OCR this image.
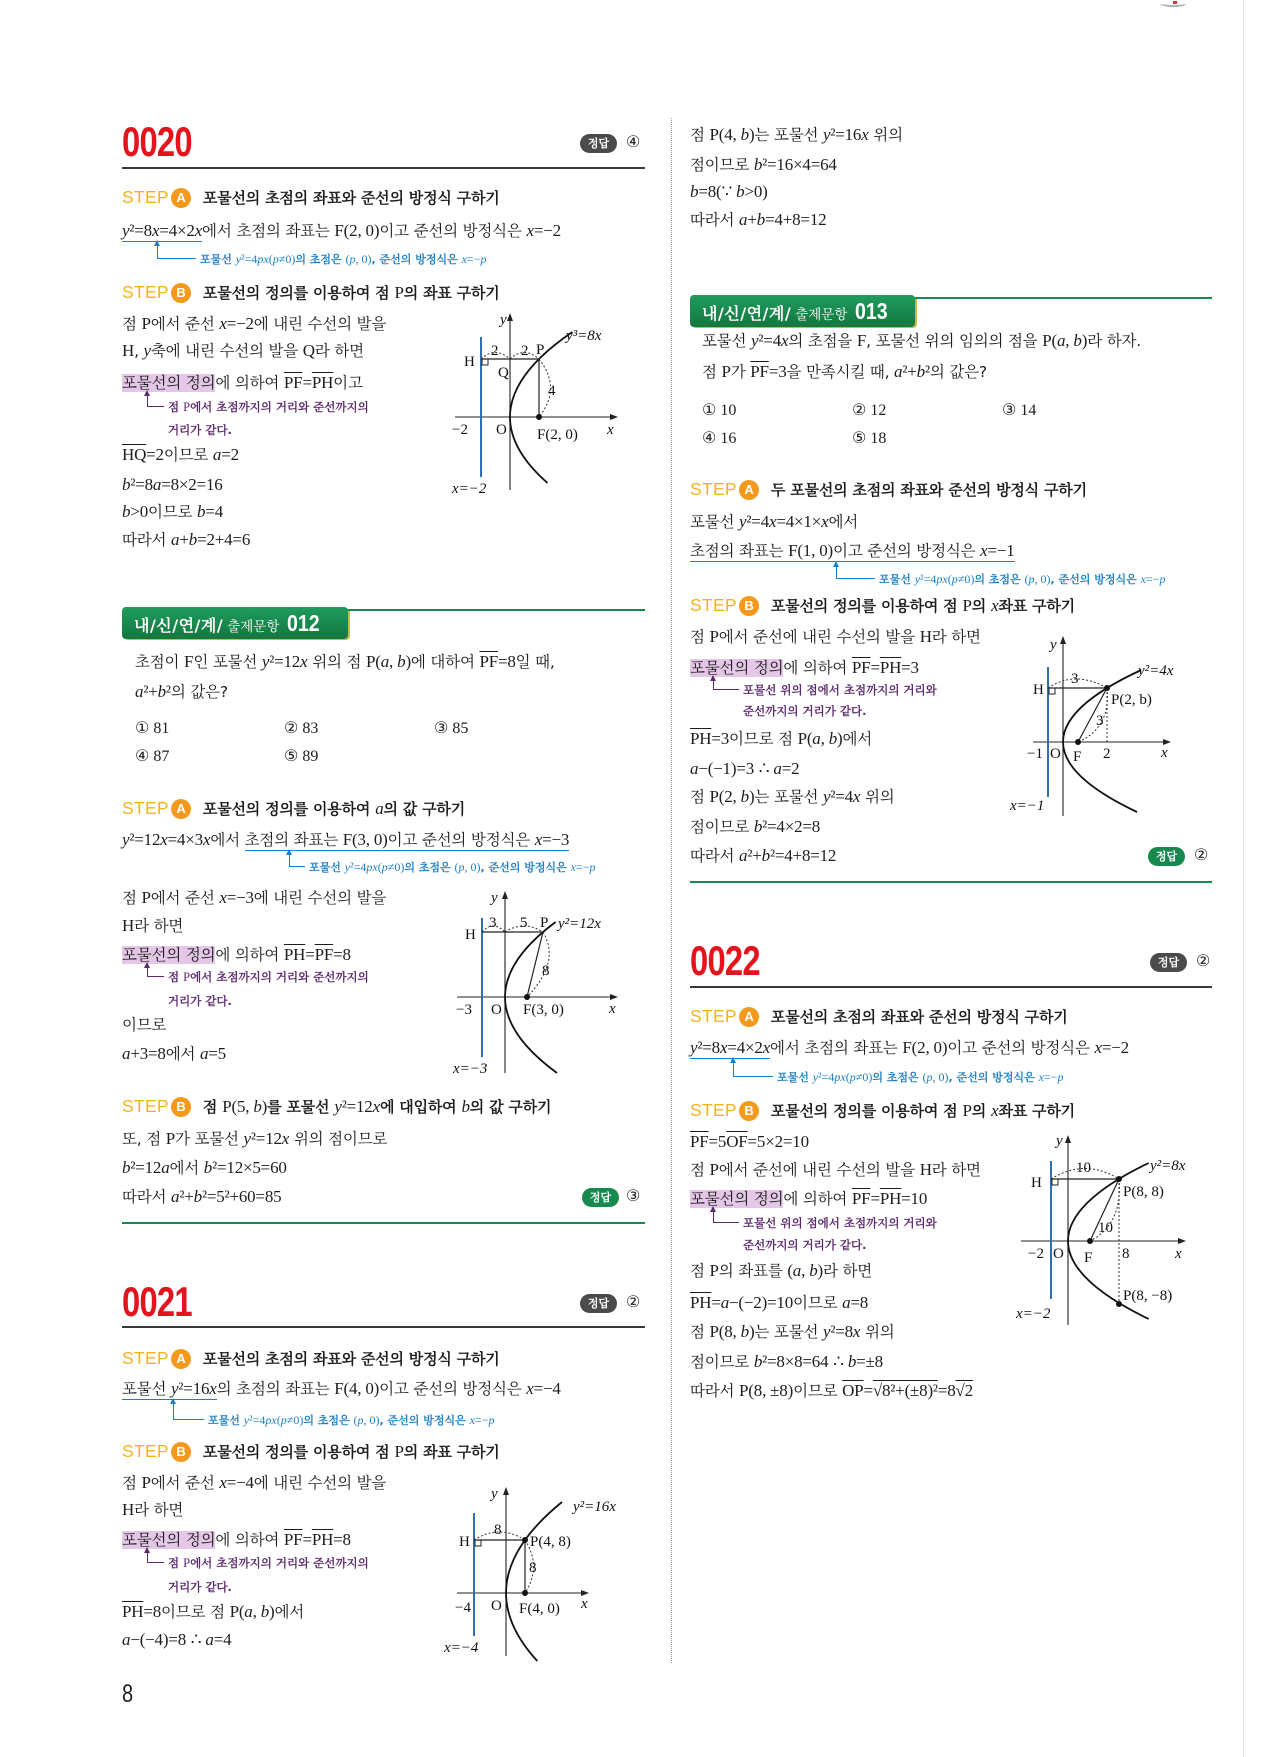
0020	정답	④
STEP A 포물선의 초점의 좌표와 준선의 방정식 구하기
y²=8x=4×2x에서 초점의 좌표는 F(2, 0)이고 준선의 방정식은 x=−2
포물선 y²=4px(p≠0)의 초점은 (p, 0), 준선의 방정식은 x=−p
STEP B 포물선의 정의를 이용하여 점 P의 좌표 구하기
점 P에서 준선 x=−2에 내린 수선의 발을
H, y축에 내린 수선의 발을 Q라 하면
포물선의 정의에 의하여 $\overline{PF}=\overline{PH}$이고
점 P에서 초점까지의 거리와 준선까지의
거리가 같다.
$\overline{HQ}=2$이므로 a=2
b²=8a=8×2=16
b>0이므로 b=4
따라서 a+b=2+4=6
y
y³=8x
H
2 2 P
Q
4
−2 O F(2, 0) x
x=−2
내/신/연/계/ 출제문항 012
초점이 F인 포물선 y²=12x 위의 점 P(a, b)에 대하여 $\overline{PF}=8$일 때,
a²+b²의 값은?
① 81	② 83	③ 85
④ 87	⑤ 89
STEP A 포물선의 정의를 이용하여 a의 값 구하기
y²=12x=4×3x에서 초점의 좌표는 F(3, 0)이고 준선의 방정식은 x=−3
포물선 y²=4px(p≠0)의 초점은 (p, 0), 준선의 방정식은 x=−p
점 P에서 준선 x=−3에 내린 수선의 발을
H라 하면
포물선의 정의에 의하여 $\overline{PH}=\overline{PF}=8$
점 P에서 초점까지의 거리와 준선까지의
거리가 같다.
이므로
a+3=8에서 a=5
y
y²=12x
H
3 5 P
8
−3 O F(3, 0)	x
x=−3
STEP B 점 P(5, b)를 포물선 y²=12x에 대입하여 b의 값 구하기
또, 점 P가 포물선 y²=12x 위의 점이므로
b²=12a에서 b²=12×5=60
따라서 a²+b²=5²+60=85	정답 ③
0021	정답	②
STEP A 포물선의 초점의 좌표와 준선의 방정식 구하기
포물선 y²=16x의 초점의 좌표는 F(4, 0)이고 준선의 방정식은 x=−4
포물선 y²=4px(p≠0)의 초점은 (p, 0), 준선의 방정식은 x=−p
STEP B 포물선의 정의를 이용하여 점 P의 좌표 구하기
점 P에서 준선 x=−4에 내린 수선의 발을
H라 하면
포물선의 정의에 의하여 $\overline{PF}=\overline{PH}=8$
점 P에서 초점까지의 거리와 준선까지의
거리가 같다.
$\overline{PH}=8$이므로 점 P(a, b)에서
a−(−4)=8 ∴ a=4
y
y²=16x
H
8
P(4, 8)
8
−4 O F(4, 0) x
x=−4
8
점 P(4, b)는 포물선 y²=16x 위의
점이므로 b²=16×4=64
b=8(∵ b>0)
따라서 a+b=4+8=12
내/신/연/계/ 출제문항 013
포물선 y²=4x의 초점을 F, 포물선 위의 임의의 점을 P(a, b)라 하자.
점 P가 $\overline{PF}=3$을 만족시킬 때, a²+b²의 값은?
① 10	② 12	③ 14
④ 16	⑤ 18
STEP A 두 포물선의 초점의 좌표와 준선의 방정식 구하기
포물선 y²=4x=4×1×x에서
초점의 좌표는 F(1, 0)이고 준선의 방정식은 x=−1
포물선 y²=4px(p≠0)의 초점은 (p, 0), 준선의 방정식은 x=−p
STEP B 포물선의 정의를 이용하여 점 P의 x좌표 구하기
점 P에서 준선에 내린 수선의 발을 H라 하면
포물선의 정의에 의하여 $\overline{PF}=\overline{PH}=3$
포물선 위의 점에서 초점까지의 거리와
준선까지의 거리가 같다.
$\overline{PH}=3$이므로 점 P(a, b)에서
a−(−1)=3 ∴ a=2
점 P(2, b)는 포물선 y²=4x 위의
점이므로 b²=4×2=8
따라서 a²+b²=4+8=12	정답	②
y
y²=4x
H
3
P(2, b)
3
−1 O F 2	x
x=−1
0022	정답	②
STEP A 포물선의 초점의 좌표와 준선의 방정식 구하기
y²=8x=4×2x에서 초점의 좌표는 F(2, 0)이고 준선의 방정식은 x=−2
포물선 y²=4px(p≠0)의 초점은 (p, 0), 준선의 방정식은 x=−p
STEP B 포물선의 정의를 이용하여 점 P의 x좌표 구하기
$\overline{PF}=5\overline{OF}=5\times 2=10$
점 P에서 준선에 내린 수선의 발을 H라 하면
포물선의 정의에 의하여 $\overline{PF}=\overline{PH}=10$
포물선 위의 점에서 초점까지의 거리와
준선까지의 거리가 같다.
점 P의 좌표를 (a, b)라 하면
$\overline{PH}=a-(-2)=10$이므로 a=8
점 P(8, b)는 포물선 y²=8x 위의
점이므로 b²=8×8=64 ∴ b=±8
따라서 P(8, ±8)이므로 $\overline{OP}=$ √ 8²+(±8)²=8 √ 2
y
y²=8x
H
10
P(8, 8)
10
−2 O F 8	x
P(8, −8)
x=−2
